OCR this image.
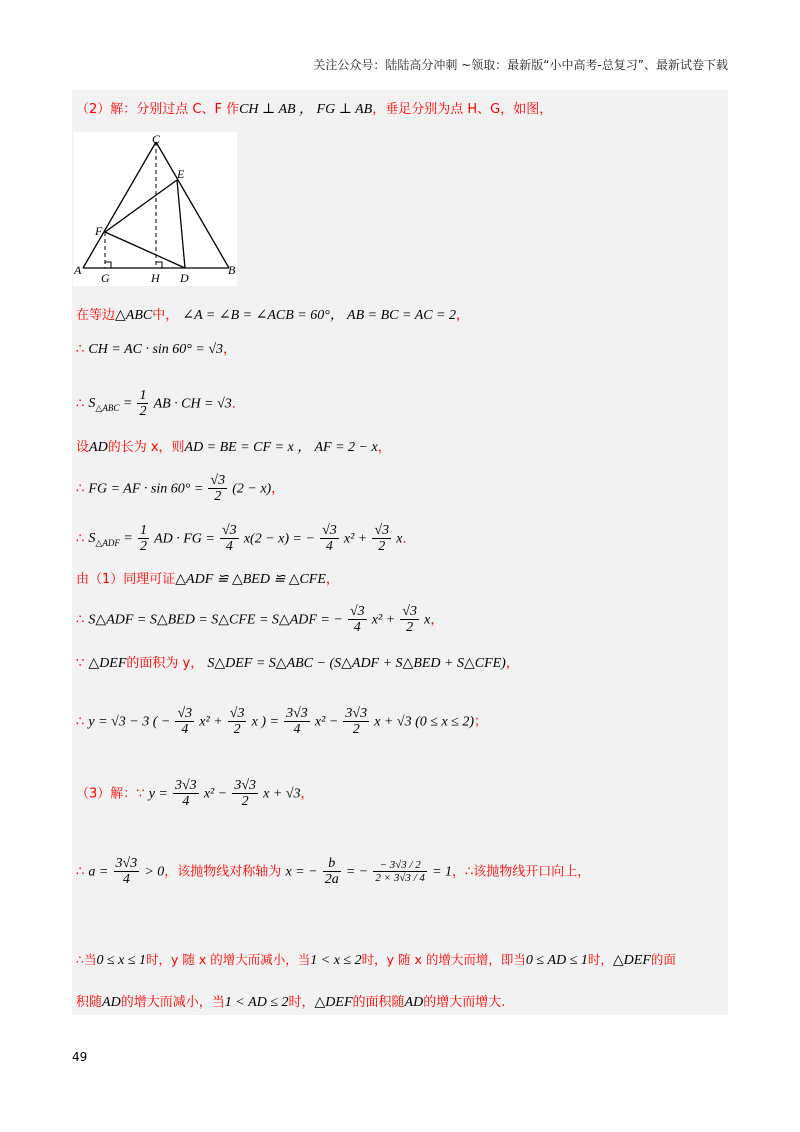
关注公众号：陆陆高分冲刺 ~领取：最新版“小中高考-总复习”、最新试卷下载
（2）解：分别过点 C、F 作CH ⊥ AB ， FG ⊥ AB，垂足分别为点 H、G，如图，
A	B
C
D
E
F
G	H
在等边△ABC中， ∠A = ∠B = ∠ACB = 60°， AB = BC = AC = 2，
∴ CH = AC · sin 60° = √3，
∴ $S_{\triangle ABC} = \frac{1}{2}$ AB · CH = √3．
设AD的长为 x，则AD = BE = CF = x ， AF = 2 − x，
∴ FG = AF · $\sin 60^\circ = \frac{√3}{2} (2 - x)$，
∴ $S_{\triangle ADF} = \frac{1}{2}$ AD · FG = $\frac{√3}{4} x(2 - x)$ = − $\frac{√3}{4} x^2 + \frac{√3}{2}$ x．
由（1）同理可证△ADF ≌ △BED ≌ △CFE，
∴ S△ADF = S△BED = S△CFE = S△ADF = − $\frac{√3}{4} x^2 + \frac{√3}{2}$ x，
∵ △DEF的面积为 y， S△DEF = S△ABC − (S△ADF + S△BED + S△CFE)，
∴ y = √3 − 3 ( − $\frac{√3}{4} x^2 + \frac{√3}{2}$ x ) = $\frac{3√3}{4} x^2 - \frac{3√3}{2}$ x + √3 (0 ≤ x ≤ 2)；
（3）解：∵ $y = \frac{3√3}{4} x^2 - \frac{3√3}{2}$ x + √3，
∴ $a = \frac{3√3}{4} > 0$，该抛物线对称轴为 x = − $\frac{b}{2a}$ = − $\frac{- 3√3 / 2}{2 \times 3√3 / 4} = 1$，∴该抛物线开口向上，
∴当0 ≤ x ≤ 1时，y 随 x 的增大而减小，当1 < x ≤ 2时，y 随 x 的增大而增，即当0 ≤ AD ≤ 1时，△DEF的面
积随AD的增大而减小，当1 < AD ≤ 2时，△DEF的面积随AD的增大而增大.
49
